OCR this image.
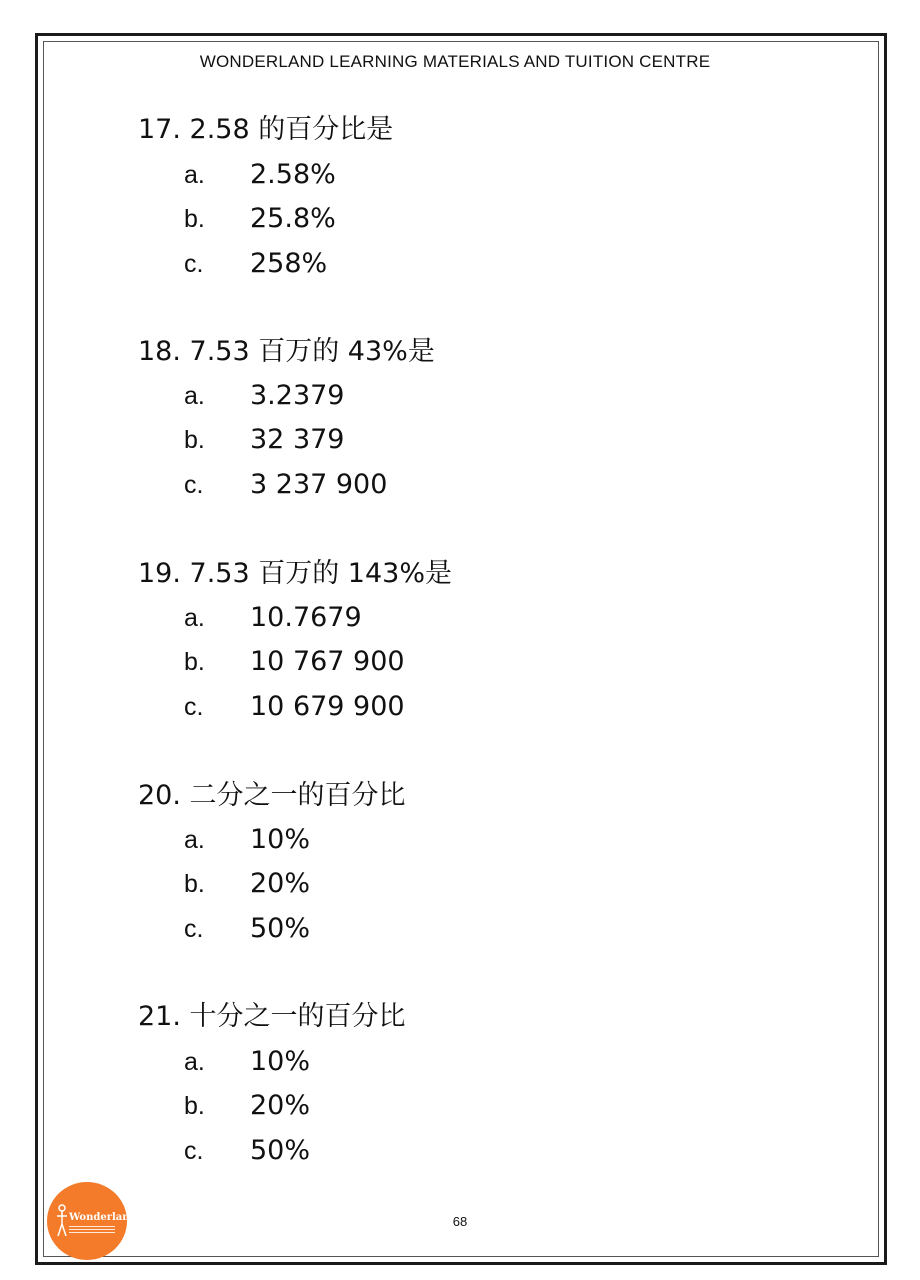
WONDERLAND LEARNING MATERIALS AND TUITION CENTRE
17. 2.58 的百分比是

a.

2.58%

b.

25.8%

c.

258%

18. 7.53 百万的 43%是

a.

3.2379

b.

32 379

c.

3 237 900

19. 7.53 百万的 143%是

a.

10.7679

b.

10 767 900

c.

10 679 900

20. 二分之一的百分比

a.

10%

b.

20%

c.

50%

21. 十分之一的百分比

a.

10%

b.

20%

c.

50%

Wonderland	68
